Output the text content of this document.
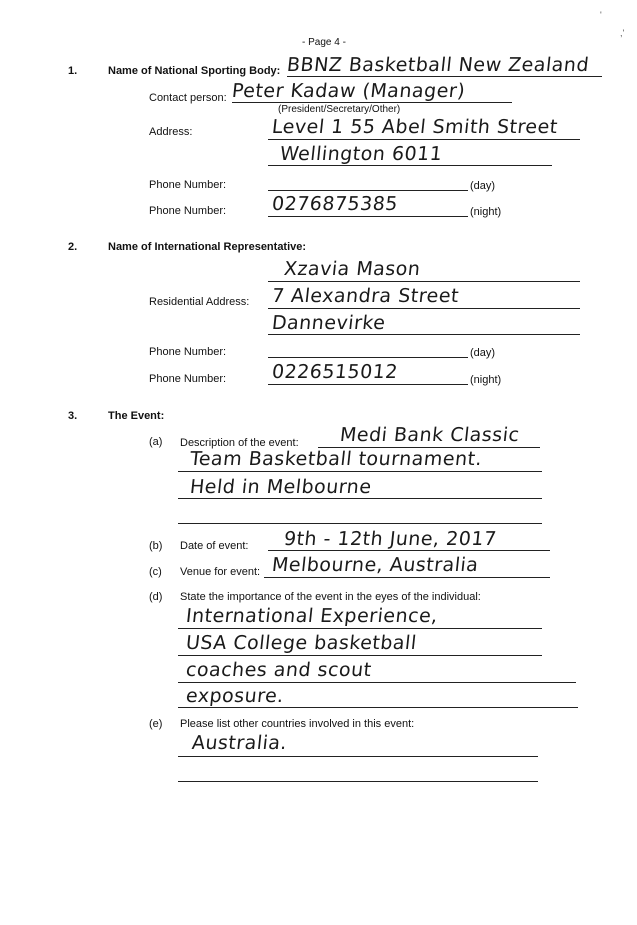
'
,'
- Page 4 -
1.	Name of National Sporting Body: BBNZ Basketball New Zealand
Contact person: Peter Kadaw (Manager)
(President/Secretary/Other)
Address:	Level 1 55 Abel Smith Street
Wellington 6011
Phone Number:	(day)
Phone Number: 0276875385	(night)
2.	Name of International Representative:
Xzavia Mason
Residential Address: 7 Alexandra Street
Dannevirke
Phone Number:	(day)
Phone Number: 0226515012	(night)
3.	The Event:
(a) Description of the event: Medi Bank Classic
Team Basketball tournament.
Held in Melbourne
(b) Date of event: 9th - 12th June, 2017
(c) Venue for event: Melbourne, Australia
(d) State the importance of the event in the eyes of the individual:
International Experience,
USA College basketball
coaches and scout
exposure.
(e) Please list other countries involved in this event:
Australia.
